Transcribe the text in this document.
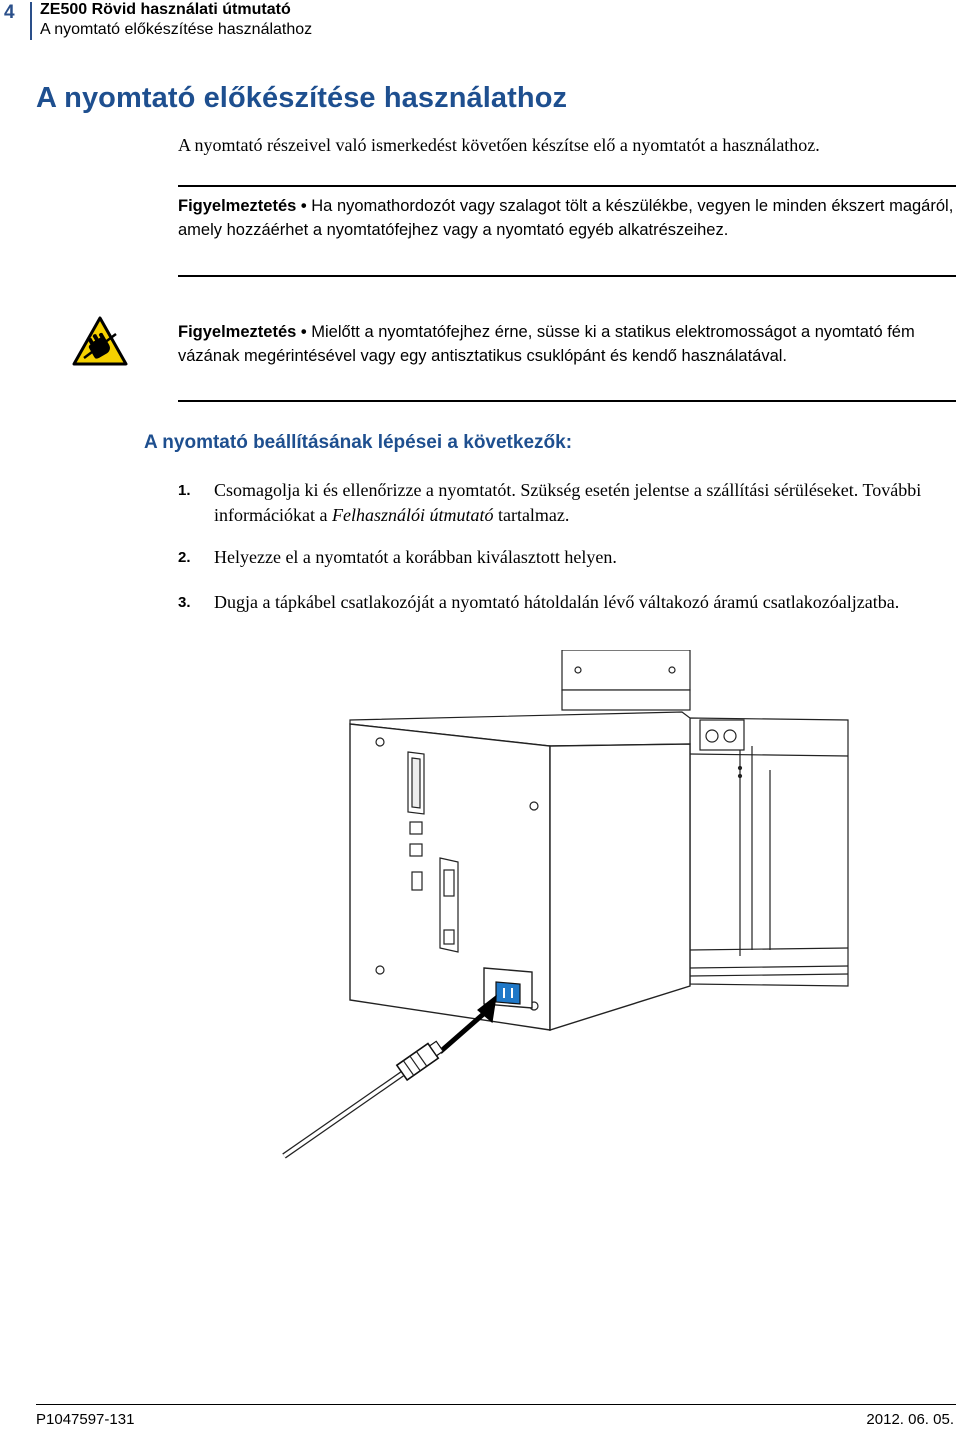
4 ZE500 Rövid használati útmutató
A nyomtató előkészítése használathoz
A nyomtató előkészítése használathoz
A nyomtató részeivel való ismerkedést követően készítse elő a nyomtatót a használathoz.
Figyelmeztetés • Ha nyomathordozót vagy szalagot tölt a készülékbe, vegyen le minden ékszert magáról, amely hozzáérhet a nyomtatófejhez vagy a nyomtató egyéb alkatrészeihez.
Figyelmeztetés • Mielőtt a nyomtatófejhez érne, süsse ki a statikus elektromosságot a nyomtató fém vázának megérintésével vagy egy antisztatikus csuklópánt és kendő használatával.
A nyomtató beállításának lépései a következők:
1. Csomagolja ki és ellenőrizze a nyomtatót. Szükség esetén jelentse a szállítási sérüléseket. További információkat a Felhasználói útmutató tartalmaz.
2. Helyezze el a nyomtatót a korábban kiválasztott helyen.
3. Dugja a tápkábel csatlakozóját a nyomtató hátoldalán lévő váltakozó áramú csatlakozóaljzatba.
P1047597-131	2012. 06. 05.
